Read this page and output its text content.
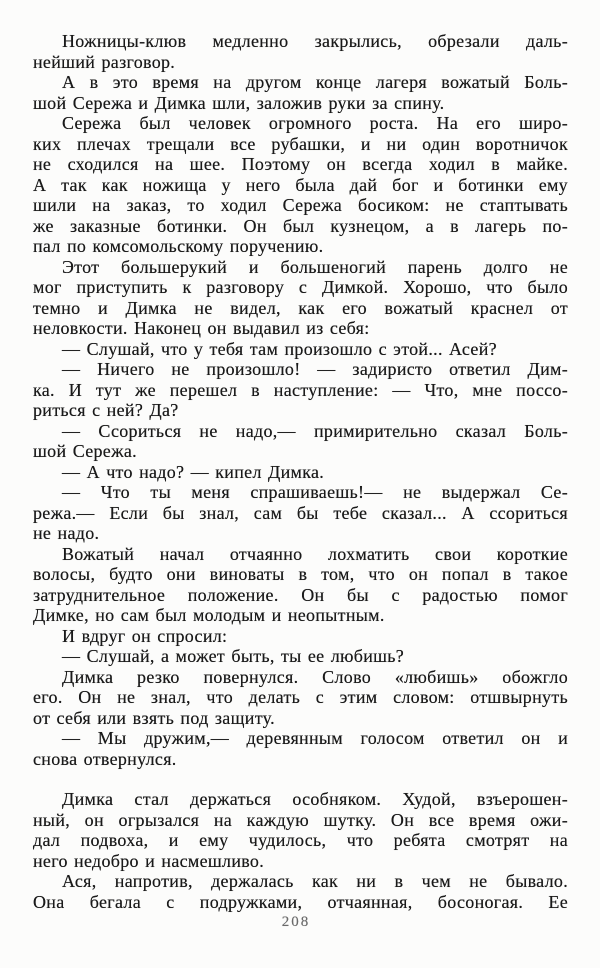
Ножницы-клюв медленно закрылись, обрезали даль-
нейший разговор.

А в это время на другом конце лагеря вожатый Боль-
шой Сережа и Димка шли, заложив руки за спину.

Сережа был человек огромного роста. На его широ-
ких плечах трещали все рубашки, и ни один воротничок
не сходился на шее. Поэтому он всегда ходил в майке.
А так как ножища у него была дай бог и ботинки ему
шили на заказ, то ходил Сережа босиком: не стаптывать
же заказные ботинки. Он был кузнецом, а в лагерь по-
пал по комсомольскому поручению.

Этот большерукий и большеногий парень долго не
мог приступить к разговору с Димкой. Хорошо, что было
темно и Димка не видел, как его вожатый краснел от
неловкости. Наконец он выдавил из себя:

— Слушай, что у тебя там произошло с этой... Асей?

— Ничего не произошло! — задиристо ответил Дим-
ка. И тут же перешел в наступление: — Что, мне поссо-
риться с ней? Да?

— Ссориться не надо,— примирительно сказал Боль-
шой Сережа.

— А что надо? — кипел Димка.

— Что ты меня спрашиваешь!— не выдержал Се-
режа.— Если бы знал, сам бы тебе сказал... А ссориться
не надо.

Вожатый начал отчаянно лохматить свои короткие
волосы, будто они виноваты в том, что он попал в такое
затруднительное положение. Он бы с радостью помог
Димке, но сам был молодым и неопытным.

И вдруг он спросил:

— Слушай, а может быть, ты ее любишь?

Димка резко повернулся. Слово «любишь» обожгло
его. Он не знал, что делать с этим словом: отшвырнуть
от себя или взять под защиту.

— Мы дружим,— деревянным голосом ответил он и
снова отвернулся.

Димка стал держаться особняком. Худой, взъерошен-
ный, он огрызался на каждую шутку. Он все время ожи-
дал подвоха, и ему чудилось, что ребята смотрят на
него недобро и насмешливо.

Ася, напротив, держалась как ни в чем не бывало.
Она бегала с подружками, отчаянная, босоногая. Ее

208
